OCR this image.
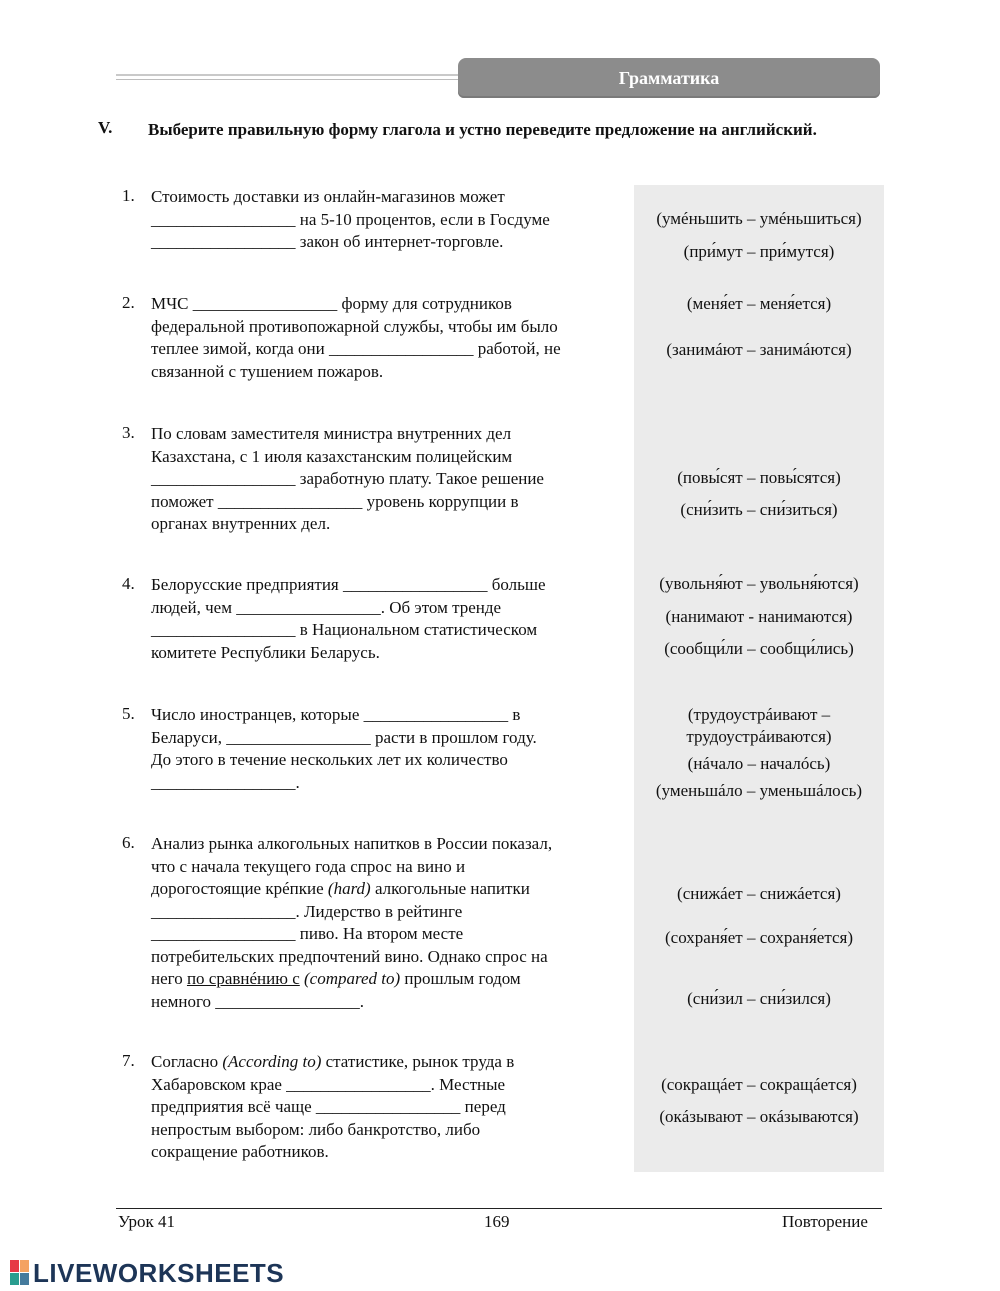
Грамматика
V. Выберите правильную форму глагола и устно переведите предложение на английский.
1. Стоимость доставки из онлайн-магазинов может
_________________ на 5-10 процентов, если в Госдуме
_________________ закон об интернет-торговле.
(умéньшить – умéньшиться)
(при́мут – при́мутся)
2. МЧС _________________ форму для сотрудников
федеральной противопожарной службы, чтобы им было
теплее зимой, когда они _________________ работой, не
связанной с тушением пожаров.
(меня́ет – меня́ется)
(занимáют – занимáются)
3. По словам заместителя министра внутренних дел
Казахстана, с 1 июля казахстанским полицейским
_________________ заработную плату. Такое решение
поможет _________________ уровень коррупции в
органах внутренних дел.
(повы́сят – повы́сятся)
(сни́зить – сни́зиться)
4. Белорусские предприятия _________________ больше
людей, чем _________________. Об этом тренде
_________________ в Национальном статистическом
комитете Республики Беларусь.
(увольня́ют – увольня́ются)
(нанимают - нанимаются)
(сообщи́ли – сообщи́лись)
5. Число иностранцев, которые _________________ в
Беларуси, _________________ расти в прошлом году.
До этого в течение нескольких лет их количество
_________________.
(трудоустрáивают –
трудоустрáиваются)
(нáчало – началóсь)
(уменьшáло – уменьшáлось)
6. Анализ рынка алкогольных напитков в России показал,
что с начала текущего года спрос на вино и
дорогостоящие крéпкие (hard) алкогольные напитки
_________________. Лидерство в рейтинге
_________________ пиво. На втором месте
потребительских предпочтений вино. Однако спрос на
него по сравнéнию с (compared to) прошлым годом
немного _________________.
(снижáет – снижáется)
(сохраня́ет – сохраня́ется)
(сни́зил – сни́зился)
7. Согласно (According to) статистике, рынок труда в
Хабаровском крае _________________. Местные
предприятия всё чаще _________________ перед
непростым выбором: либо банкротство, либо
сокращение работников.
(сокращáет – сокращáется)
(окáзывают – окáзываются)
Урок 41	169	Повторение
LIVEWORKSHEETS
